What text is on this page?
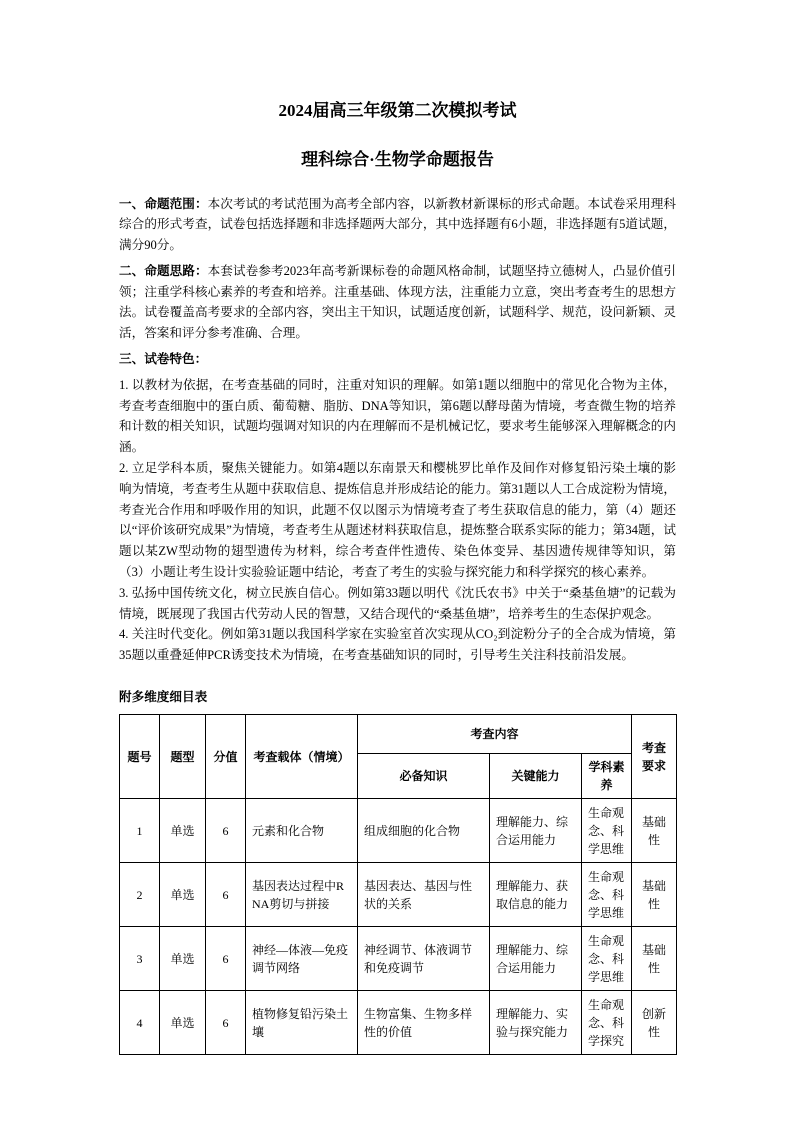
2024届高三年级第二次模拟考试
理科综合·生物学命题报告

一、命题范围：本次考试的考试范围为高考全部内容，以新教材新课标的形式命题。本试卷采用理科综合的形式考查，试卷包括选择题和非选择题两大部分，其中选择题有6小题，非选择题有5道试题，满分90分。

二、命题思路：本套试卷参考2023年高考新课标卷的命题风格命制，试题坚持立德树人，凸显价值引领；注重学科核心素养的考查和培养。注重基础、体现方法，注重能力立意，突出考查考生的思想方法。试卷覆盖高考要求的全部内容，突出主干知识，试题适度创新，试题科学、规范，设问新颖、灵活，答案和评分参考准确、合理。

三、试卷特色：

1. 以教材为依据，在考查基础的同时，注重对知识的理解。如第1题以细胞中的常见化合物为主体，考查考查细胞中的蛋白质、葡萄糖、脂肪、DNA等知识，第6题以酵母菌为情境，考查微生物的培养和计数的相关知识，试题均强调对知识的内在理解而不是机械记忆，要求考生能够深入理解概念的内涵。

2. 立足学科本质，聚焦关键能力。如第4题以东南景天和樱桃罗比单作及间作对修复铅污染土壤的影响为情境，考查考生从题中获取信息、提炼信息并形成结论的能力。第31题以人工合成淀粉为情境，考查光合作用和呼吸作用的知识，此题不仅以图示为情境考查了考生获取信息的能力，第（4）题还以“评价该研究成果”为情境，考查考生从题述材料获取信息，提炼整合联系实际的能力；第34题，试题以某ZW型动物的翅型遗传为材料，综合考查伴性遗传、染色体变异、基因遗传规律等知识，第（3）小题让考生设计实验验证题中结论，考查了考生的实验与探究能力和科学探究的核心素养。

3. 弘扬中国传统文化，树立民族自信心。例如第33题以明代《沈氏农书》中关于“桑基鱼塘”的记载为情境，既展现了我国古代劳动人民的智慧，又结合现代的“桑基鱼塘”，培养考生的生态保护观念。

4. 关注时代变化。例如第31题以我国科学家在实验室首次实现从CO₂到淀粉分子的全合成为情境，第35题以重叠延伸PCR诱变技术为情境，在考查基础知识的同时，引导考生关注科技前沿发展。

附多维度细目表

题号	题型	分值	考查载体（情境）	考查内容			考查要求
				必备知识	关键能力	学科素养	
1	单选	6	元素和化合物	组成细胞的化合物	理解能力、综合运用能力	生命观念、科学思维	基础性
2	单选	6	基因表达过程中RNA剪切与拼接	基因表达、基因与性状的关系	理解能力、获取信息的能力	生命观念、科学思维	基础性
3	单选	6	神经—体液—免疫调节网络	神经调节、体液调节和免疫调节	理解能力、综合运用能力	生命观念、科学思维	基础性
4	单选	6	植物修复铅污染土壤	生物富集、生物多样性的价值	理解能力、实验与探究能力	生命观念、科学探究	创新性
